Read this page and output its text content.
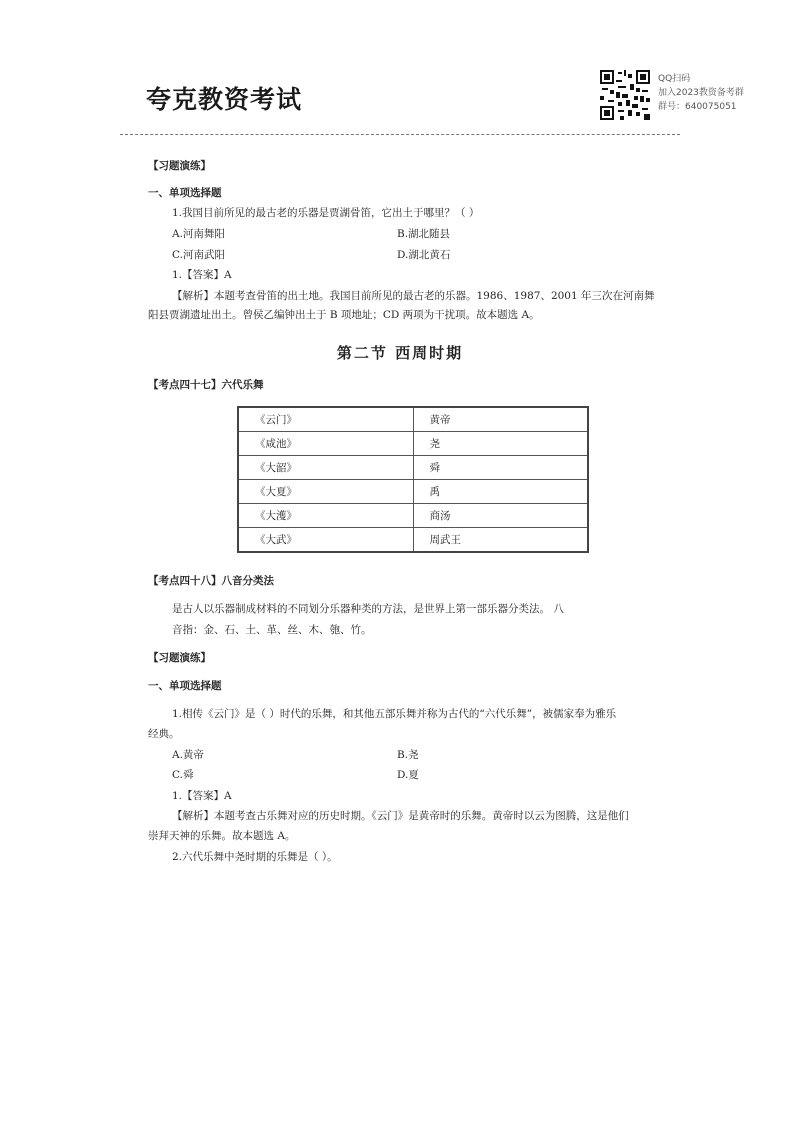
夸克教资考试
QQ扫码
加入2023教资备考群
群号：640075051
【习题演练】
一、单项选择题
1.我国目前所见的最古老的乐器是贾湖骨笛，它出土于哪里？（ ）
A.河南舞阳	B.湖北随县
C.河南武阳	D.湖北黄石
1.【答案】A
【解析】本题考查骨笛的出土地。我国目前所见的最古老的乐器。1986、1987、2001 年三次在河南舞
阳县贾湖遗址出土。曾侯乙编钟出土于 B 项地址；CD 两项为干扰项。故本题选 A。
第二节 西周时期
【考点四十七】六代乐舞
《云门》	黄帝
《咸池》	尧
《大韶》	舜
《大夏》	禹
《大濩》	商汤
《大武》	周武王
【考点四十八】八音分类法
是古人以乐器制成材料的不同划分乐器种类的方法，是世界上第一部乐器分类法。 八
音指：金、石、土、革、丝、木、匏、竹。
【习题演练】
一、单项选择题
1.相传《云门》是（ ）时代的乐舞，和其他五部乐舞并称为古代的“六代乐舞”，被儒家奉为雅乐
经典。
A.黄帝	B.尧
C.舜	D.夏
1.【答案】A
【解析】本题考查古乐舞对应的历史时期。《云门》是黄帝时的乐舞。黄帝时以云为图腾，这是他们
崇拜天神的乐舞。故本题选 A。
2.六代乐舞中尧时期的乐舞是（ ）。
